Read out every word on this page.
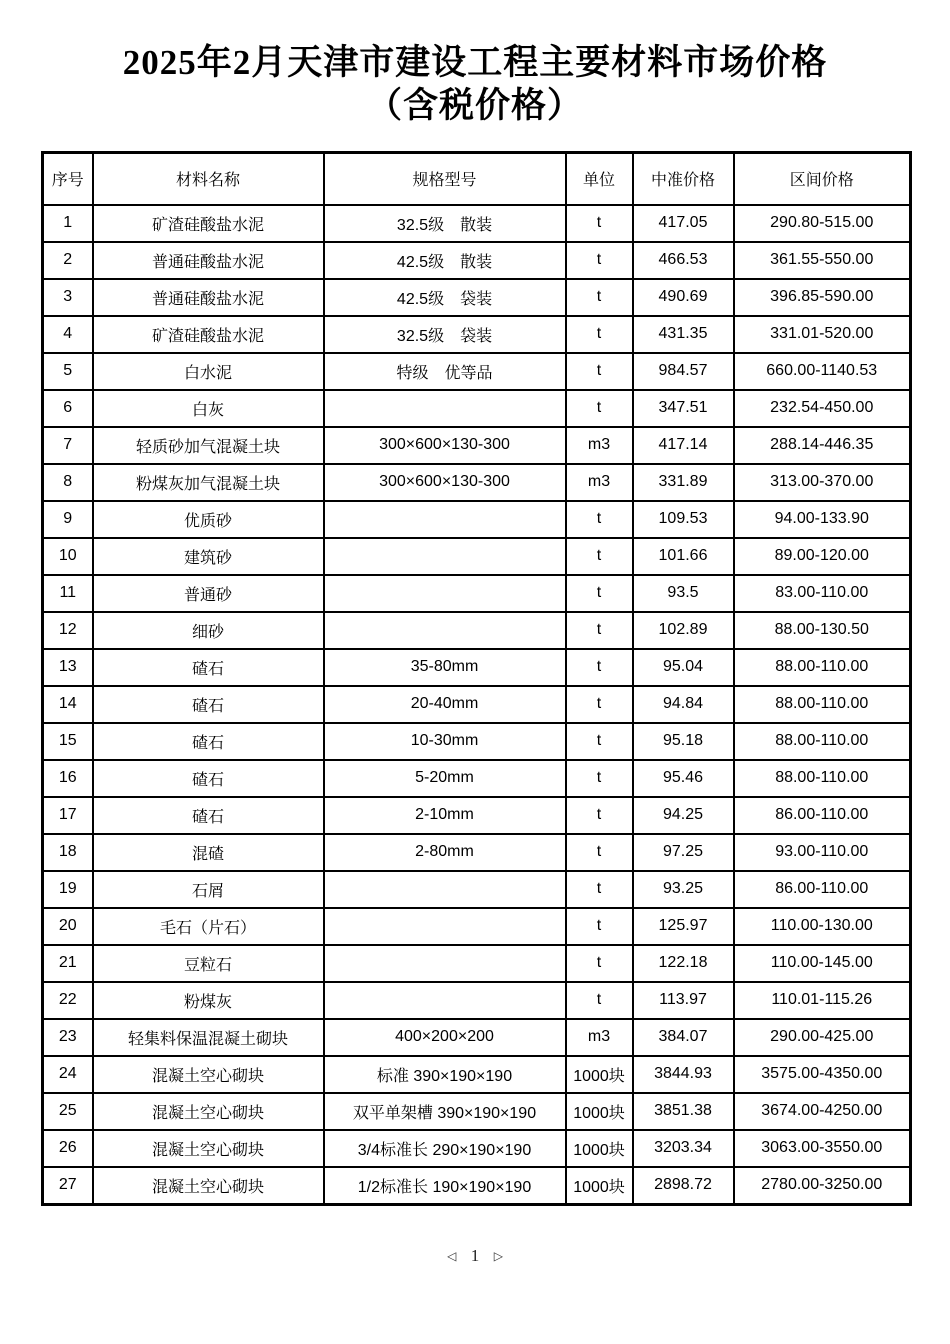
2025年2月天津市建设工程主要材料市场价格
（含税价格）
序号	材料名称	规格型号	单位	中准价格	区间价格
1	矿渣硅酸盐水泥	32.5级　散装	t	417.05	290.80-515.00
2	普通硅酸盐水泥	42.5级　散装	t	466.53	361.55-550.00
3	普通硅酸盐水泥	42.5级　袋装	t	490.69	396.85-590.00
4	矿渣硅酸盐水泥	32.5级　袋装	t	431.35	331.01-520.00
5	白水泥	特级　优等品	t	984.57	660.00-1140.53
6	白灰		t	347.51	232.54-450.00
7	轻质砂加气混凝土块	300×600×130-300	m3	417.14	288.14-446.35
8	粉煤灰加气混凝土块	300×600×130-300	m3	331.89	313.00-370.00
9	优质砂		t	109.53	94.00-133.90
10	建筑砂		t	101.66	89.00-120.00
11	普通砂		t	93.5	83.00-110.00
12	细砂		t	102.89	88.00-130.50
13	碴石	35-80mm	t	95.04	88.00-110.00
14	碴石	20-40mm	t	94.84	88.00-110.00
15	碴石	10-30mm	t	95.18	88.00-110.00
16	碴石	5-20mm	t	95.46	88.00-110.00
17	碴石	2-10mm	t	94.25	86.00-110.00
18	混碴	2-80mm	t	97.25	93.00-110.00
19	石屑		t	93.25	86.00-110.00
20	毛石（片石）		t	125.97	110.00-130.00
21	豆粒石		t	122.18	110.00-145.00
22	粉煤灰		t	113.97	110.01-115.26
23	轻集料保温混凝土砌块	400×200×200	m3	384.07	290.00-425.00
24	混凝土空心砌块	标准 390×190×190	1000块	3844.93	3575.00-4350.00
25	混凝土空心砌块	双平单架槽 390×190×190	1000块	3851.38	3674.00-4250.00
26	混凝土空心砌块	3/4标准长 290×190×190	1000块	3203.34	3063.00-3550.00
27	混凝土空心砌块	1/2标准长 190×190×190	1000块	2898.72	2780.00-3250.00
◁ 1 ▷
